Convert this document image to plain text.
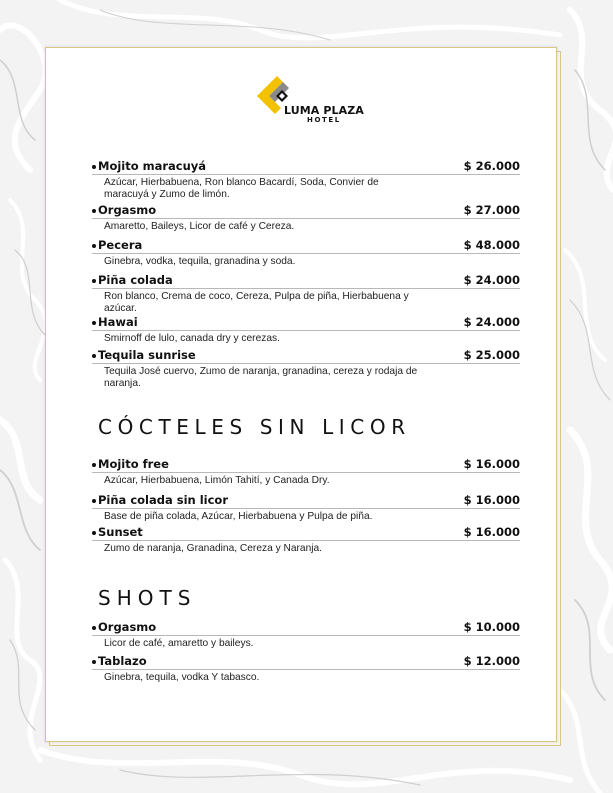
LUMA PLAZA
HOTEL
Mojito maracuyá	$ 26.000
Azúcar, Hierbabuena, Ron blanco Bacardí, Soda, Convier de maracuyá y Zumo de limón.
Orgasmo	$ 27.000
Amaretto, Baileys, Licor de café y Cereza.
Pecera	$ 48.000
Ginebra, vodka, tequila, granadina y soda.
Piña colada	$ 24.000
Ron blanco, Crema de coco, Cereza, Pulpa de piña, Hierbabuena y azúcar.
Hawai	$ 24.000
Smirnoff de lulo, canada dry y cerezas.
Tequila sunrise	$ 25.000
Tequila José cuervo, Zumo de naranja, granadina, cereza y rodaja de naranja.
CÓCTELES SIN LICOR
Mojito free	$ 16.000
Azúcar, Hierbabuena, Limón Tahití, y Canada Dry.
Piña colada sin licor	$ 16.000
Base de piña colada, Azúcar, Hierbabuena y Pulpa de piña.
Sunset	$ 16.000
Zumo de naranja, Granadina, Cereza y Naranja.
SHOTS
Orgasmo	$ 10.000
Licor de café, amaretto y baileys.
Tablazo	$ 12.000
Ginebra, tequila, vodka Y tabasco.
